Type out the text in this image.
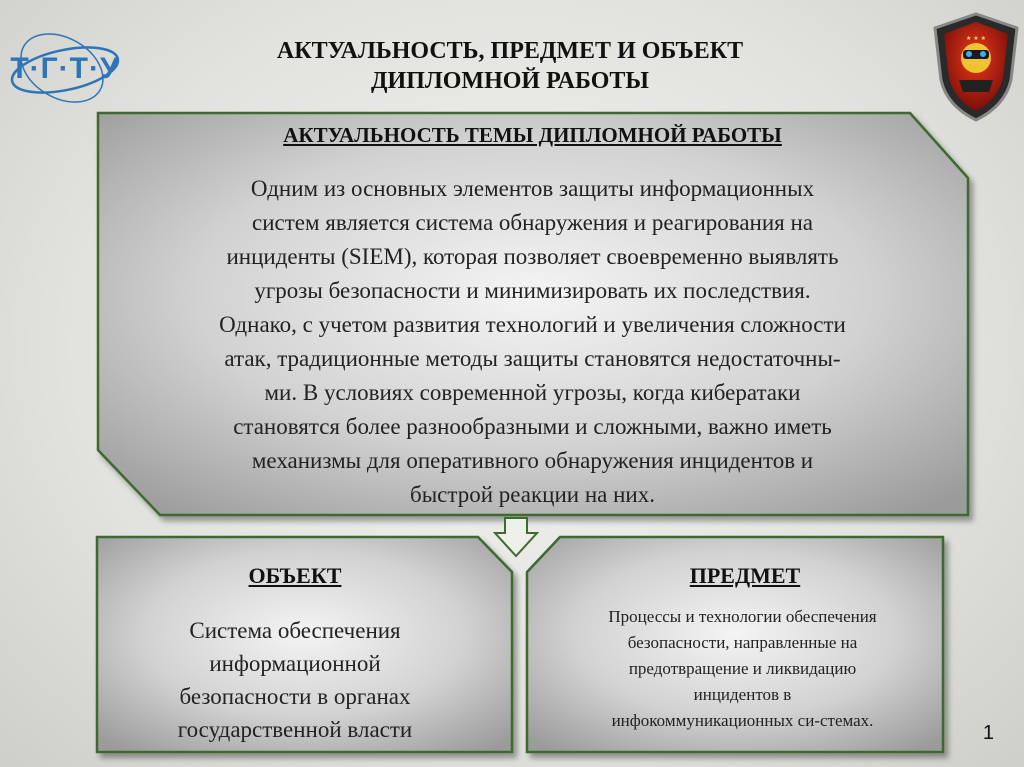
Т·Г·Т·У
АКТУАЛЬНОСТЬ, ПРЕДМЕТ И ОБЪЕКТ
ДИПЛОМНОЙ РАБОТЫ
★ ★ ★
АКТУАЛЬНОСТЬ ТЕМЫ ДИПЛОМНОЙ РАБОТЫ
Одним из основных элементов защиты информационных
систем является система обнаружения и реагирования на
инциденты (SIEM), которая позволяет своевременно выявлять
угрозы безопасности и минимизировать их последствия.
Однако, с учетом развития технологий и увеличения сложности
атак, традиционные методы защиты становятся недостаточны-
ми. В условиях современной угрозы, когда кибератаки
становятся более разнообразными и сложными, важно иметь
механизмы для оперативного обнаружения инцидентов и
быстрой реакции на них.
ОБЪЕКТ
Система обеспечения
информационной
безопасности в органах
государственной власти
ПРЕДМЕТ
Процессы и технологии обеспечения
безопасности, направленные на
предотвращение и ликвидацию
инцидентов в
инфокоммуникационных си-стемах.
1
